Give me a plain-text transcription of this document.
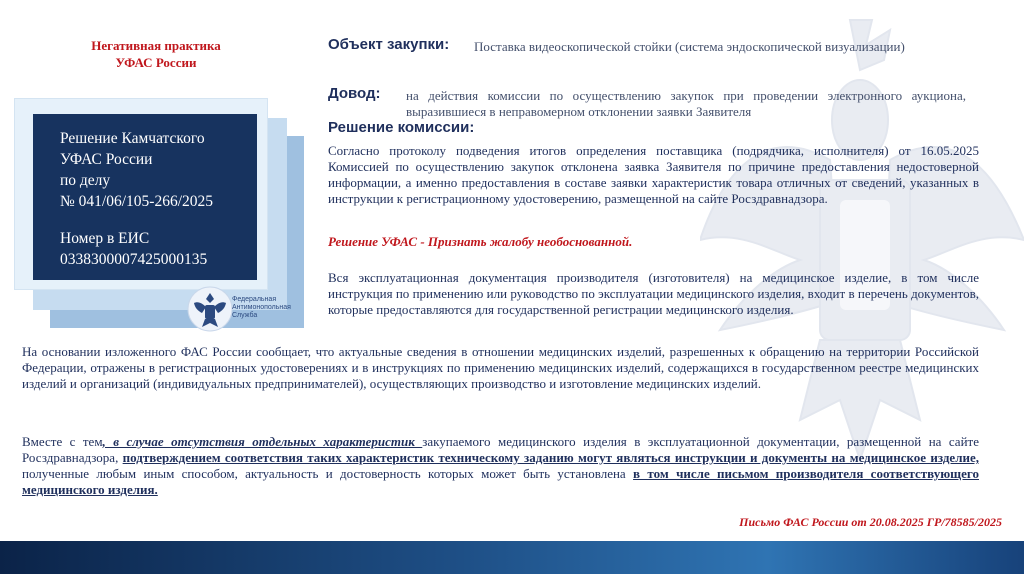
Негативная практика
УФАС России
Решение Камчатского
УФАС России
по делу
№ 041/06/105-266/2025
Номер в ЕИС
0338300007425000135
Федеральная
Антимонопольная
Служба
Объект закупки: Поставка видеоскопической стойки (система эндоскопической визуализации)
Довод: на действия комиссии по осуществлению закупок при проведении электронного аукциона, выразившиеся в неправомерном отклонении заявки Заявителя
Решение комиссии:
Согласно протоколу подведения итогов определения поставщика (подрядчика, исполнителя) от 16.05.2025 Комиссией по осуществлению закупок отклонена заявка Заявителя по причине предоставления недостоверной информации, а именно предоставления в составе заявки характеристик товара отличных от сведений, указанных в инструкции к регистрационному удостоверению, размещенной на сайте Росздравнадзора.
Решение УФАС - Признать жалобу необоснованной.
Вся эксплуатационная документация производителя (изготовителя) на медицинское изделие, в том числе инструкция по применению или руководство по эксплуатации медицинского изделия, входит в перечень документов, которые предоставляются для государственной регистрации медицинского изделия.
На основании изложенного ФАС России сообщает, что актуальные сведения в отношении медицинских изделий, разрешенных к обращению на территории Российской Федерации, отражены в регистрационных удостоверениях и в инструкциях по применению медицинских изделий, содержащихся в государственном реестре медицинских изделий и организаций (индивидуальных предпринимателей), осуществляющих производство и изготовление медицинских изделий.
Вместе с тем, в случае отсутствия отдельных характеристик закупаемого медицинского изделия в эксплуатационной документации, размещенной на сайте Росздравнадзора, подтверждением соответствия таких характеристик техническому заданию могут являться инструкции и документы на медицинское изделие, полученные любым иным способом, актуальность и достоверность которых может быть установлена в том числе письмом производителя соответствующего медицинского изделия.
Письмо ФАС России от 20.08.2025 ГР/78585/2025
